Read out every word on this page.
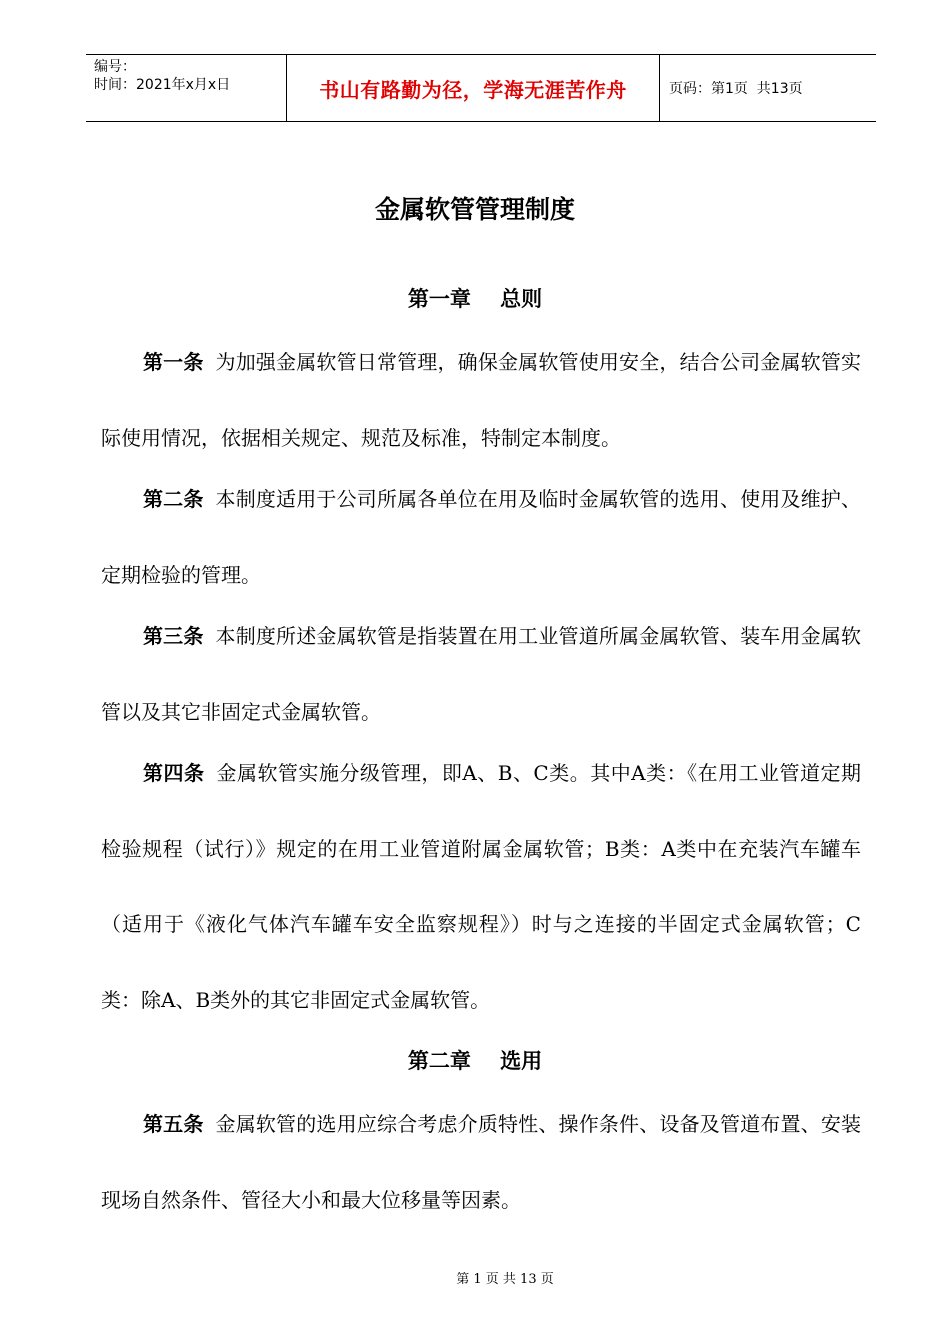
编号：
时间：2021年x月x日	书山有路勤为径，学海无涯苦作舟	页码：第1页  共13页
金属软管管理制度
第一章    总则

第一条 为加强金属软管日常管理，确保金属软管使用安全，结合公司金属软管实际使用情况，依据相关规定、规范及标准，特制定本制度。

第二条 本制度适用于公司所属各单位在用及临时金属软管的选用、使用及维护、定期检验的管理。

第三条 本制度所述金属软管是指装置在用工业管道所属金属软管、装车用金属软管以及其它非固定式金属软管。

第四条 金属软管实施分级管理，即A、B、C类。其中A类：《在用工业管道定期检验规程（试行）》规定的在用工业管道附属金属软管；B类：A类中在充装汽车罐车（适用于《液化气体汽车罐车安全监察规程》）时与之连接的半固定式金属软管；C类：除A、B类外的其它非固定式金属软管。

第二章    选用

第五条 金属软管的选用应综合考虑介质特性、操作条件、设备及管道布置、安装现场自然条件、管径大小和最大位移量等因素。

第 1 页 共 13 页
